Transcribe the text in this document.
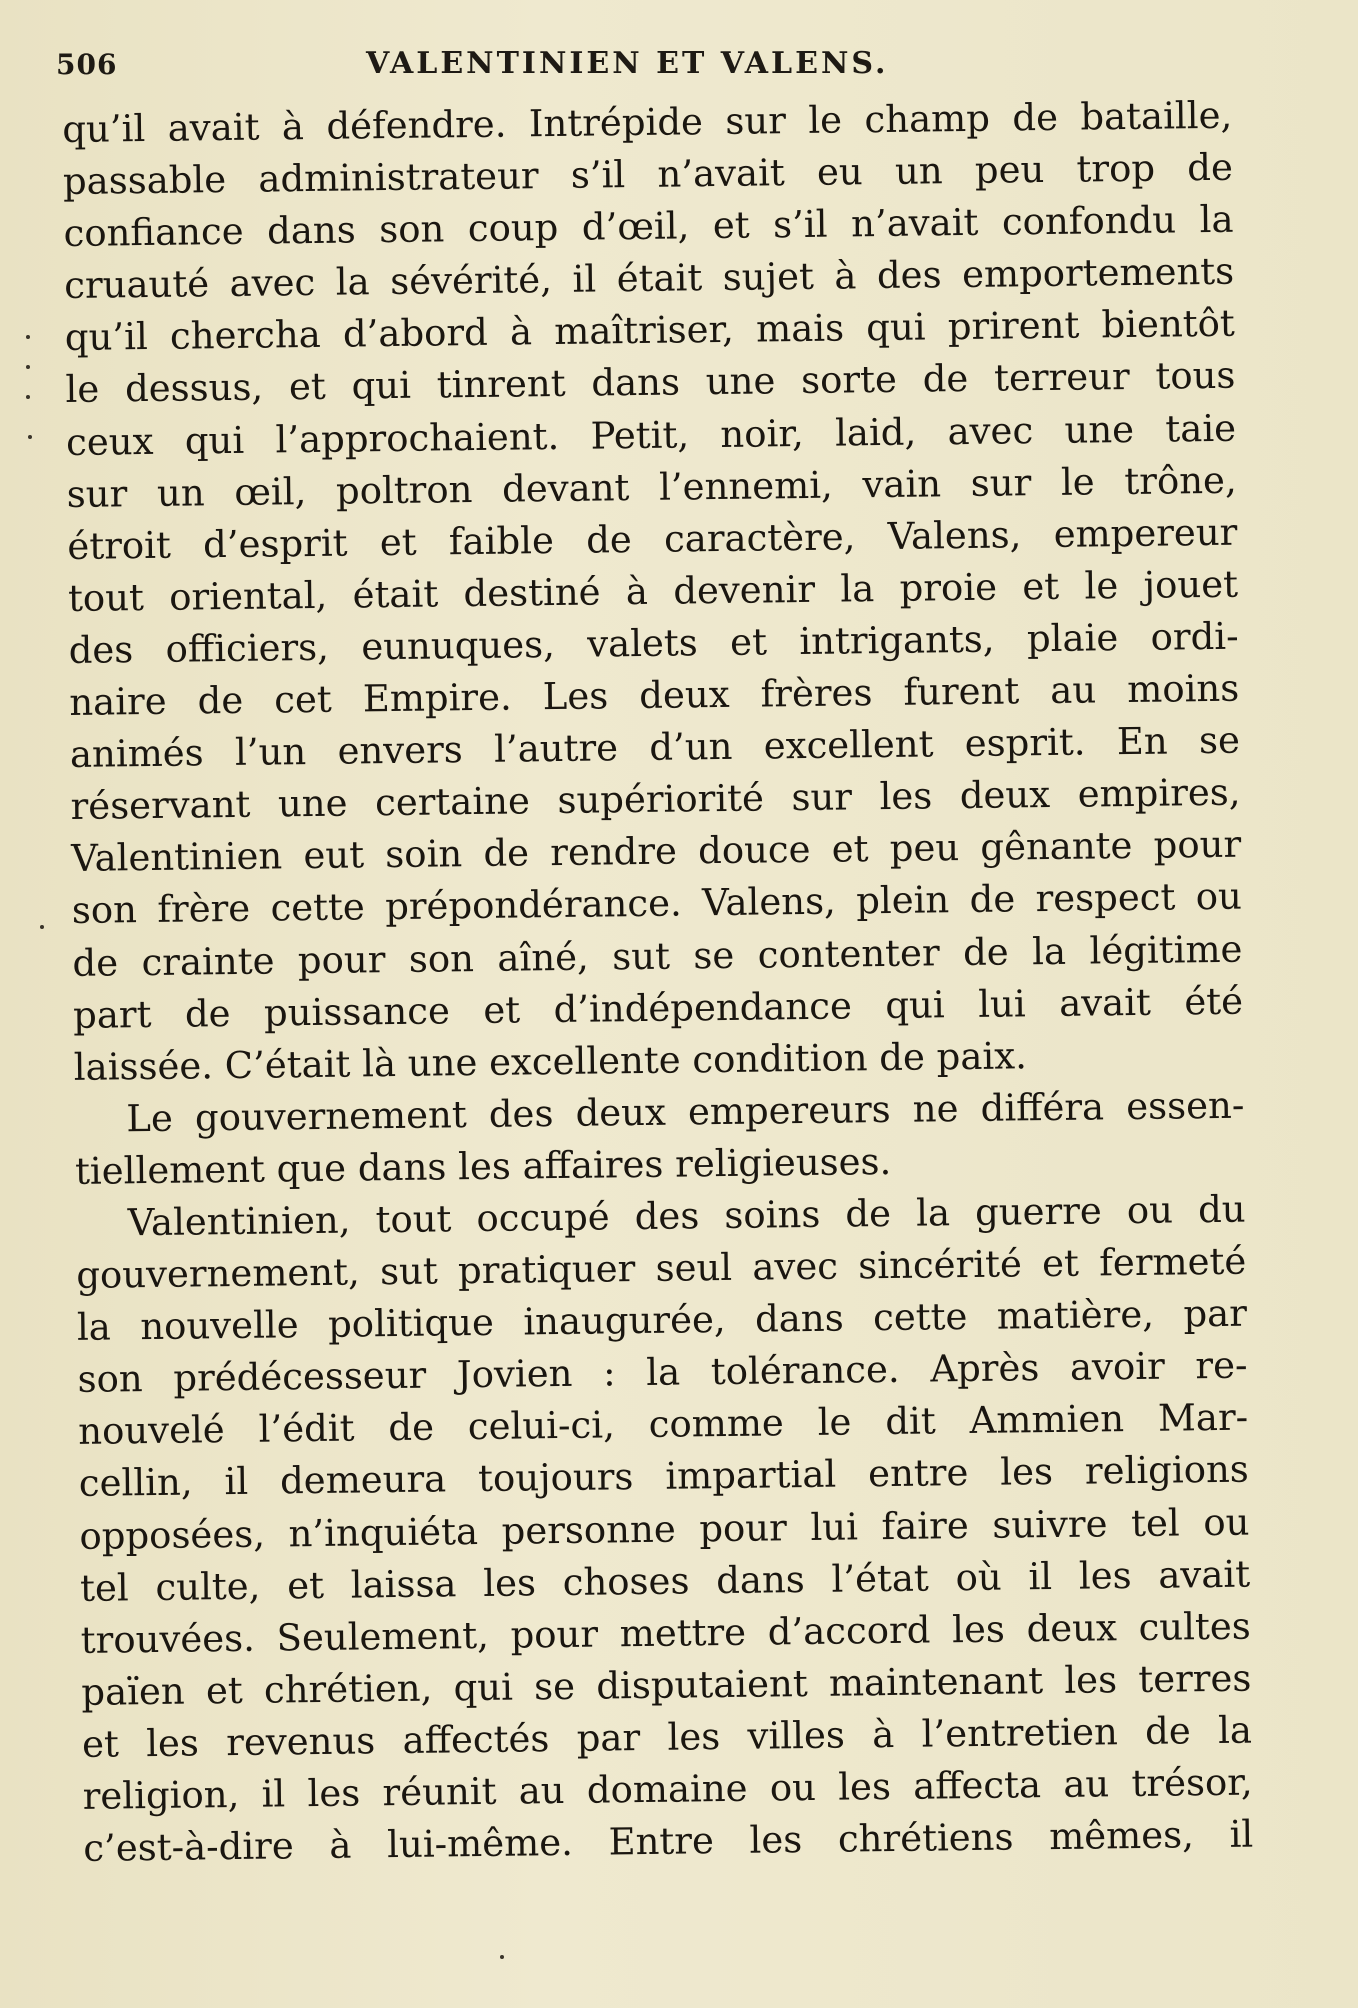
506	VALENTINIEN ET VALENS.
qu’il avait à défendre. Intrépide sur le champ de bataille,
passable administrateur s’il n’avait eu un peu trop de
confiance dans son coup d’œil, et s’il n’avait confondu la
cruauté avec la sévérité, il était sujet à des emportements
qu’il chercha d’abord à maîtriser, mais qui prirent bientôt
le dessus, et qui tinrent dans une sorte de terreur tous
ceux qui l’approchaient. Petit, noir, laid, avec une taie
sur un œil, poltron devant l’ennemi, vain sur le trône,
étroit d’esprit et faible de caractère, Valens, empereur
tout oriental, était destiné à devenir la proie et le jouet
des officiers, eunuques, valets et intrigants, plaie ordi-
naire de cet Empire. Les deux frères furent au moins
animés l’un envers l’autre d’un excellent esprit. En se
réservant une certaine supériorité sur les deux empires,
Valentinien eut soin de rendre douce et peu gênante pour
son frère cette prépondérance. Valens, plein de respect ou
de crainte pour son aîné, sut se contenter de la légitime
part de puissance et d’indépendance qui lui avait été
laissée. C’était là une excellente condition de paix.
Le gouvernement des deux empereurs ne différa essen-
tiellement que dans les affaires religieuses.
Valentinien, tout occupé des soins de la guerre ou du
gouvernement, sut pratiquer seul avec sincérité et fermeté
la nouvelle politique inaugurée, dans cette matière, par
son prédécesseur Jovien : la tolérance. Après avoir re-
nouvelé l’édit de celui-ci, comme le dit Ammien Mar-
cellin, il demeura toujours impartial entre les religions
opposées, n’inquiéta personne pour lui faire suivre tel ou
tel culte, et laissa les choses dans l’état où il les avait
trouvées. Seulement, pour mettre d’accord les deux cultes
païen et chrétien, qui se disputaient maintenant les terres
et les revenus affectés par les villes à l’entretien de la
religion, il les réunit au domaine ou les affecta au trésor,
c’est-à-dire à lui-même. Entre les chrétiens mêmes, il
